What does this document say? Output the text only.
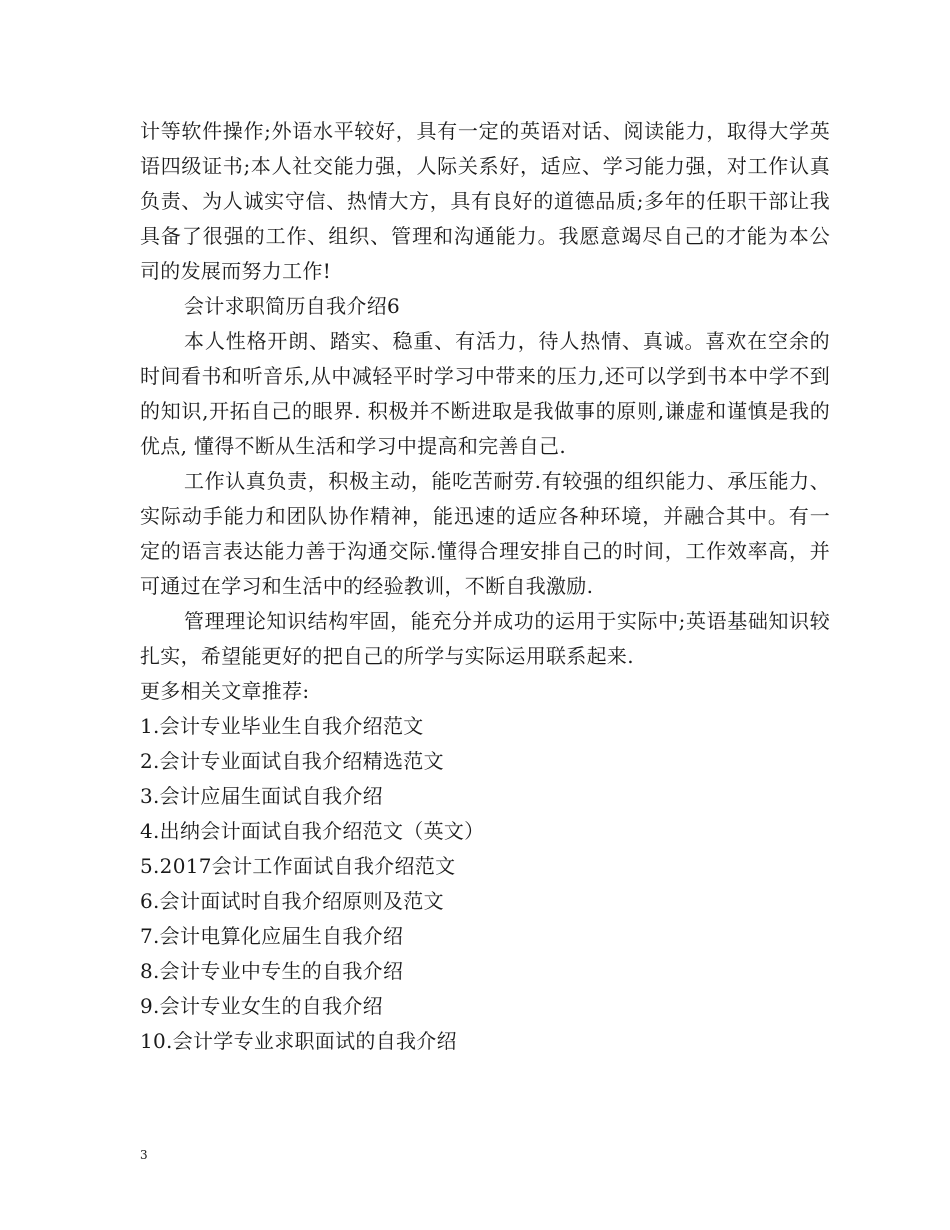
计等软件操作;外语水平较好，具有一定的英语对话、阅读能力，取得大学英语四级证书;本人社交能力强，人际关系好，适应、学习能力强，对工作认真负责、为人诚实守信、热情大方，具有良好的道德品质;多年的任职干部让我具备了很强的工作、组织、管理和沟通能力。我愿意竭尽自己的才能为本公司的发展而努力工作!

会计求职简历自我介绍6

本人性格开朗、踏实、稳重、有活力，待人热情、真诚。喜欢在空余的时间看书和听音乐,从中减轻平时学习中带来的压力,还可以学到书本中学不到的知识,开拓自己的眼界. 积极并不断进取是我做事的原则,谦虚和谨慎是我的优点, 懂得不断从生活和学习中提高和完善自己.

工作认真负责，积极主动，能吃苦耐劳.有较强的组织能力、承压能力、实际动手能力和团队协作精神，能迅速的适应各种环境，并融合其中。有一定的语言表达能力善于沟通交际.懂得合理安排自己的时间，工作效率高，并可通过在学习和生活中的经验教训，不断自我激励.

管理理论知识结构牢固，能充分并成功的运用于实际中;英语基础知识较扎实，希望能更好的把自己的所学与实际运用联系起来.

更多相关文章推荐:

1.会计专业毕业生自我介绍范文
2.会计专业面试自我介绍精选范文
3.会计应届生面试自我介绍
4.出纳会计面试自我介绍范文（英文）
5.2017会计工作面试自我介绍范文
6.会计面试时自我介绍原则及范文
7.会计电算化应届生自我介绍
8.会计专业中专生的自我介绍
9.会计专业女生的自我介绍
10.会计学专业求职面试的自我介绍
3
